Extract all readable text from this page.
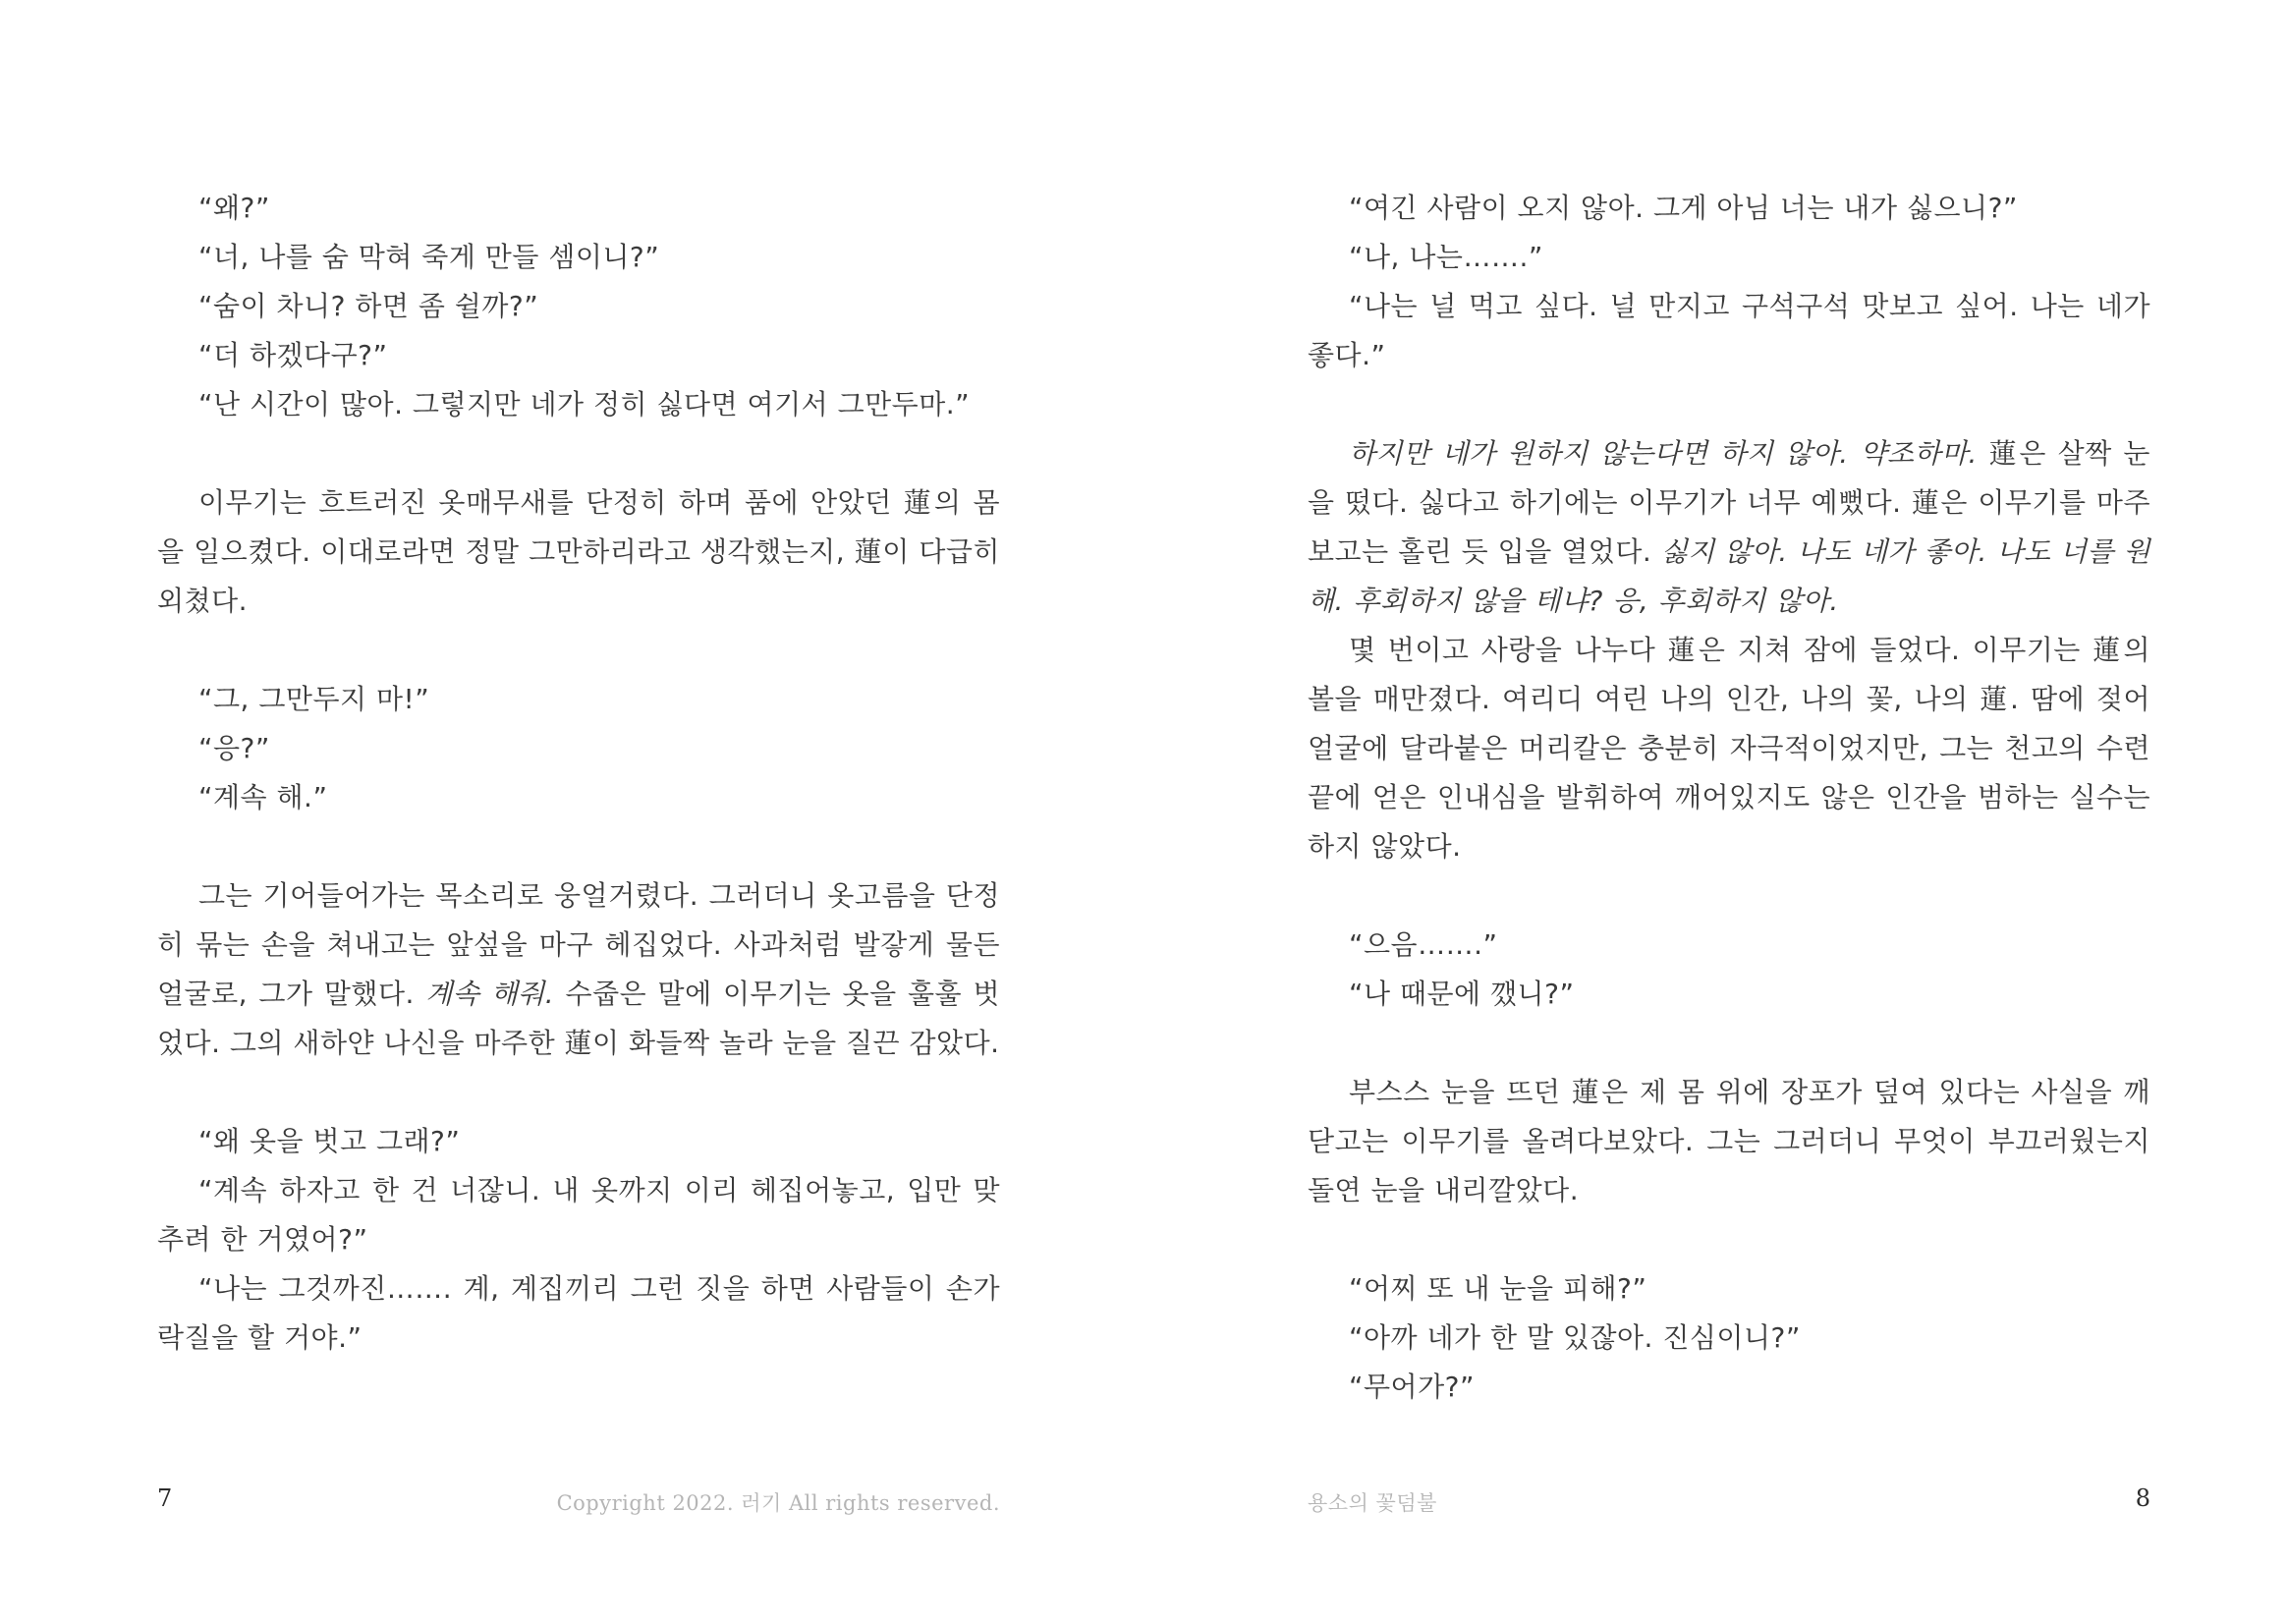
“왜?”

“너, 나를 숨 막혀 죽게 만들 셈이니?”

“숨이 차니? 하면 좀 쉴까?”

“더 하겠다구?”

“난 시간이 많아. 그렇지만 네가 정히 싫다면 여기서 그만두마.”

이무기는 흐트러진 옷매무새를 단정히 하며 품에 안았던 蓮의 몸을 일으켰다. 이대로라면 정말 그만하리라고 생각했는지, 蓮이 다급히 외쳤다.

“그, 그만두지 마!”

“응?”

“계속 해.”

그는 기어들어가는 목소리로 웅얼거렸다. 그러더니 옷고름을 단정히 묶는 손을 쳐내고는 앞섶을 마구 헤집었다. 사과처럼 발갛게 물든 얼굴로, 그가 말했다. 계속 해줘. 수줍은 말에 이무기는 옷을 훌훌 벗었다. 그의 새하얀 나신을 마주한 蓮이 화들짝 놀라 눈을 질끈 감았다.

“왜 옷을 벗고 그래?”

“계속 하자고 한 건 너잖니. 내 옷까지 이리 헤집어놓고, 입만 맞추려 한 거였어?”

“나는 그것까진……. 계, 계집끼리 그런 짓을 하면 사람들이 손가락질을 할 거야.”

7	Copyright 2022. 러기 All rights reserved.

“여긴 사람이 오지 않아. 그게 아님 너는 내가 싫으니?”

“나, 나는…….”

“나는 널 먹고 싶다. 널 만지고 구석구석 맛보고 싶어. 나는 네가 좋다.”

하지만 네가 원하지 않는다면 하지 않아. 약조하마. 蓮은 살짝 눈을 떴다. 싫다고 하기에는 이무기가 너무 예뻤다. 蓮은 이무기를 마주 보고는 홀린 듯 입을 열었다. 싫지 않아. 나도 네가 좋아. 나도 너를 원해. 후회하지 않을 테냐? 응, 후회하지 않아.

몇 번이고 사랑을 나누다 蓮은 지쳐 잠에 들었다. 이무기는 蓮의 볼을 매만졌다. 여리디 여린 나의 인간, 나의 꽃, 나의 蓮. 땀에 젖어 얼굴에 달라붙은 머리칼은 충분히 자극적이었지만, 그는 천고의 수련 끝에 얻은 인내심을 발휘하여 깨어있지도 않은 인간을 범하는 실수는 하지 않았다.

“으음…….”

“나 때문에 깼니?”

부스스 눈을 뜨던 蓮은 제 몸 위에 장포가 덮여 있다는 사실을 깨닫고는 이무기를 올려다보았다. 그는 그러더니 무엇이 부끄러웠는지 돌연 눈을 내리깔았다.

“어찌 또 내 눈을 피해?”

“아까 네가 한 말 있잖아. 진심이니?”

“무어가?”

8
용소의 꽃덤불
